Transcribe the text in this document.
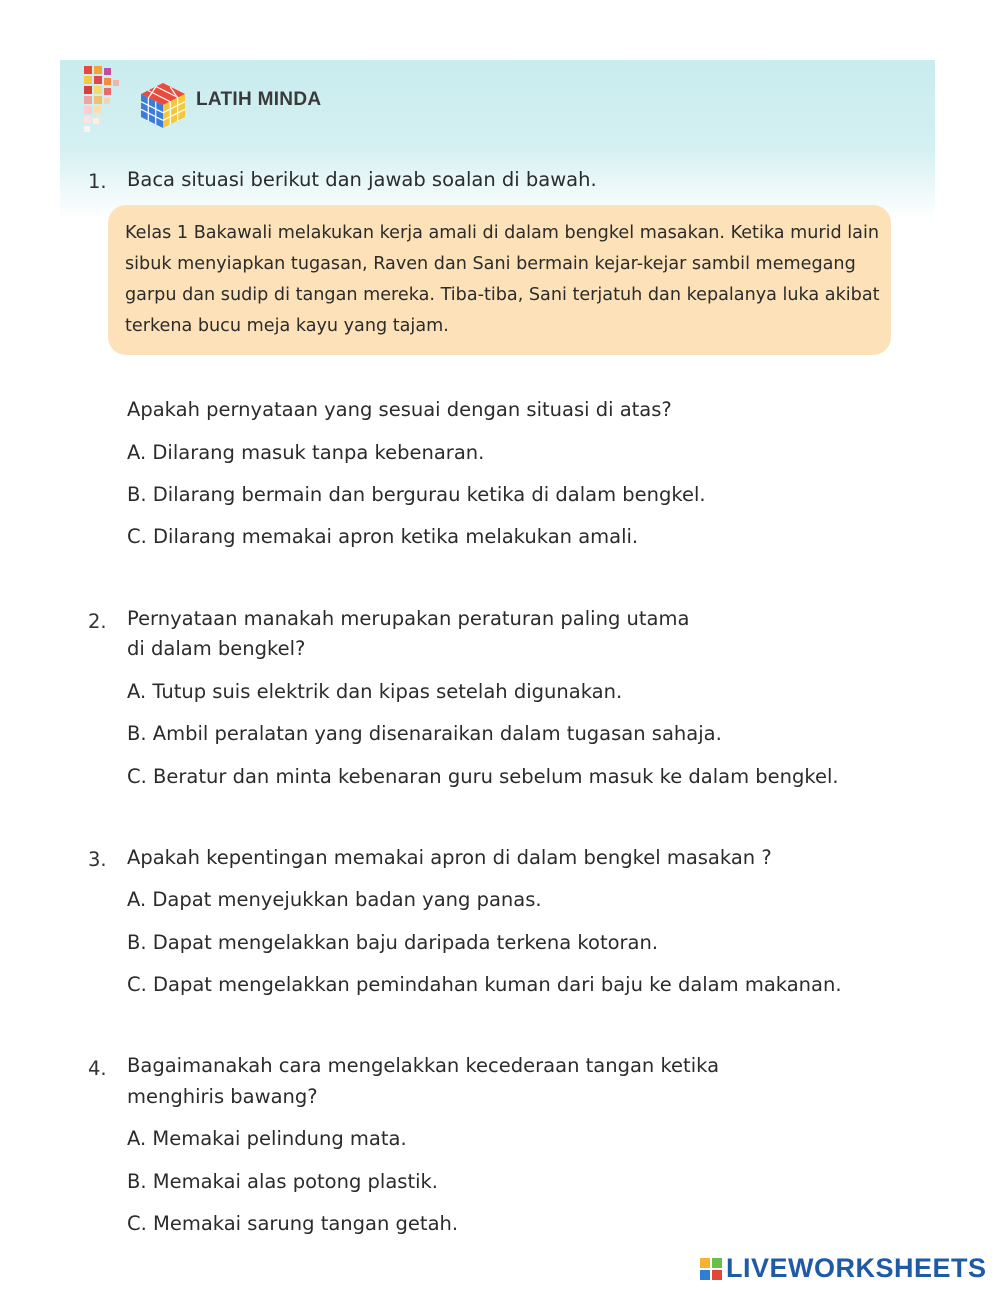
LATIH MINDA
1. Baca situasi berikut dan jawab soalan di bawah.
Kelas 1 Bakawali melakukan kerja amali di dalam bengkel masakan. Ketika murid lain sibuk menyiapkan tugasan, Raven dan Sani bermain kejar-kejar sambil memegang garpu dan sudip di tangan mereka. Tiba-tiba, Sani terjatuh dan kepalanya luka akibat terkena bucu meja kayu yang tajam.
Apakah pernyataan yang sesuai dengan situasi di atas?
A. Dilarang masuk tanpa kebenaran.
B. Dilarang bermain dan bergurau ketika di dalam bengkel.
C. Dilarang memakai apron ketika melakukan amali.
2. Pernyataan manakah merupakan peraturan paling utama
di dalam bengkel?
A. Tutup suis elektrik dan kipas setelah digunakan.
B. Ambil peralatan yang disenaraikan dalam tugasan sahaja.
C. Beratur dan minta kebenaran guru sebelum masuk ke dalam bengkel.
3. Apakah kepentingan memakai apron di dalam bengkel masakan ?
A. Dapat menyejukkan badan yang panas.
B. Dapat mengelakkan baju daripada terkena kotoran.
C. Dapat mengelakkan pemindahan kuman dari baju ke dalam makanan.
4. Bagaimanakah cara mengelakkan kecederaan tangan ketika
menghiris bawang?
A. Memakai pelindung mata.
B. Memakai alas potong plastik.
C. Memakai sarung tangan getah.
LIVEWORKSHEETS
